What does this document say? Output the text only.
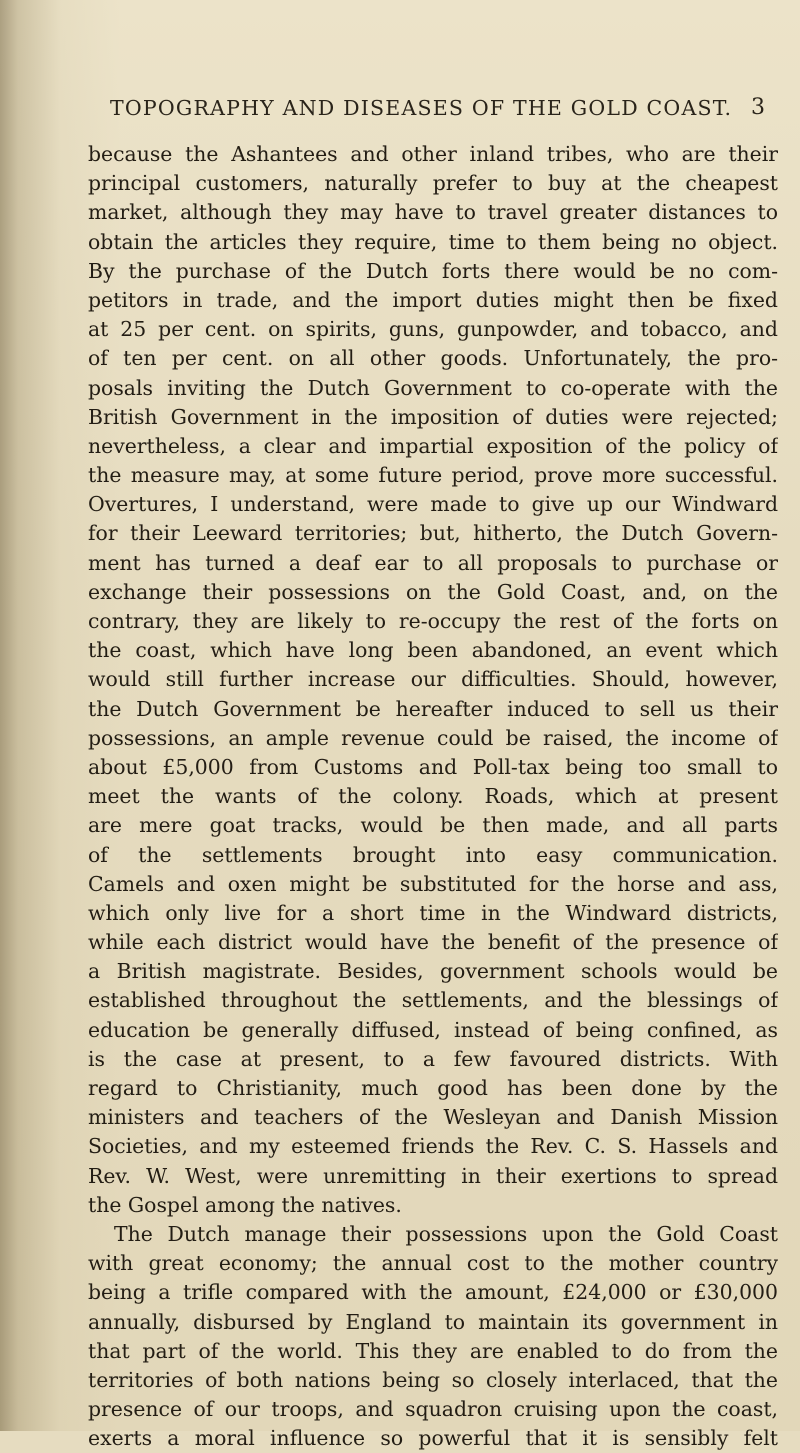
TOPOGRAPHY AND DISEASES OF THE GOLD COAST. 3
because the Ashantees and other inland tribes, who are their
principal customers, naturally prefer to buy at the cheapest
market, although they may have to travel greater distances to
obtain the articles they require, time to them being no object.
By the purchase of the Dutch forts there would be no com-
petitors in trade, and the import duties might then be fixed
at 25 per cent. on spirits, guns, gunpowder, and tobacco, and
of ten per cent. on all other goods. Unfortunately, the pro-
posals inviting the Dutch Government to co-operate with the
British Government in the imposition of duties were rejected;
nevertheless, a clear and impartial exposition of the policy of
the measure may, at some future period, prove more successful.
Overtures, I understand, were made to give up our Windward
for their Leeward territories; but, hitherto, the Dutch Govern-
ment has turned a deaf ear to all proposals to purchase or
exchange their possessions on the Gold Coast, and, on the
contrary, they are likely to re-occupy the rest of the forts on
the coast, which have long been abandoned, an event which
would still further increase our difficulties. Should, however,
the Dutch Government be hereafter induced to sell us their
possessions, an ample revenue could be raised, the income of
about £5,000 from Customs and Poll-tax being too small to
meet the wants of the colony. Roads, which at present
are mere goat tracks, would be then made, and all parts
of the settlements brought into easy communication.
Camels and oxen might be substituted for the horse and ass,
which only live for a short time in the Windward districts,
while each district would have the benefit of the presence of
a British magistrate. Besides, government schools would be
established throughout the settlements, and the blessings of
education be generally diffused, instead of being confined, as
is the case at present, to a few favoured districts. With
regard to Christianity, much good has been done by the
ministers and teachers of the Wesleyan and Danish Mission
Societies, and my esteemed friends the Rev. C. S. Hassels and
Rev. W. West, were unremitting in their exertions to spread
the Gospel among the natives.
The Dutch manage their possessions upon the Gold Coast
with great economy; the annual cost to the mother country
being a trifle compared with the amount, £24,000 or £30,000
annually, disbursed by England to maintain its government in
that part of the world. This they are enabled to do from the
territories of both nations being so closely interlaced, that the
presence of our troops, and squadron cruising upon the coast,
exerts a moral influence so powerful that it is sensibly felt
